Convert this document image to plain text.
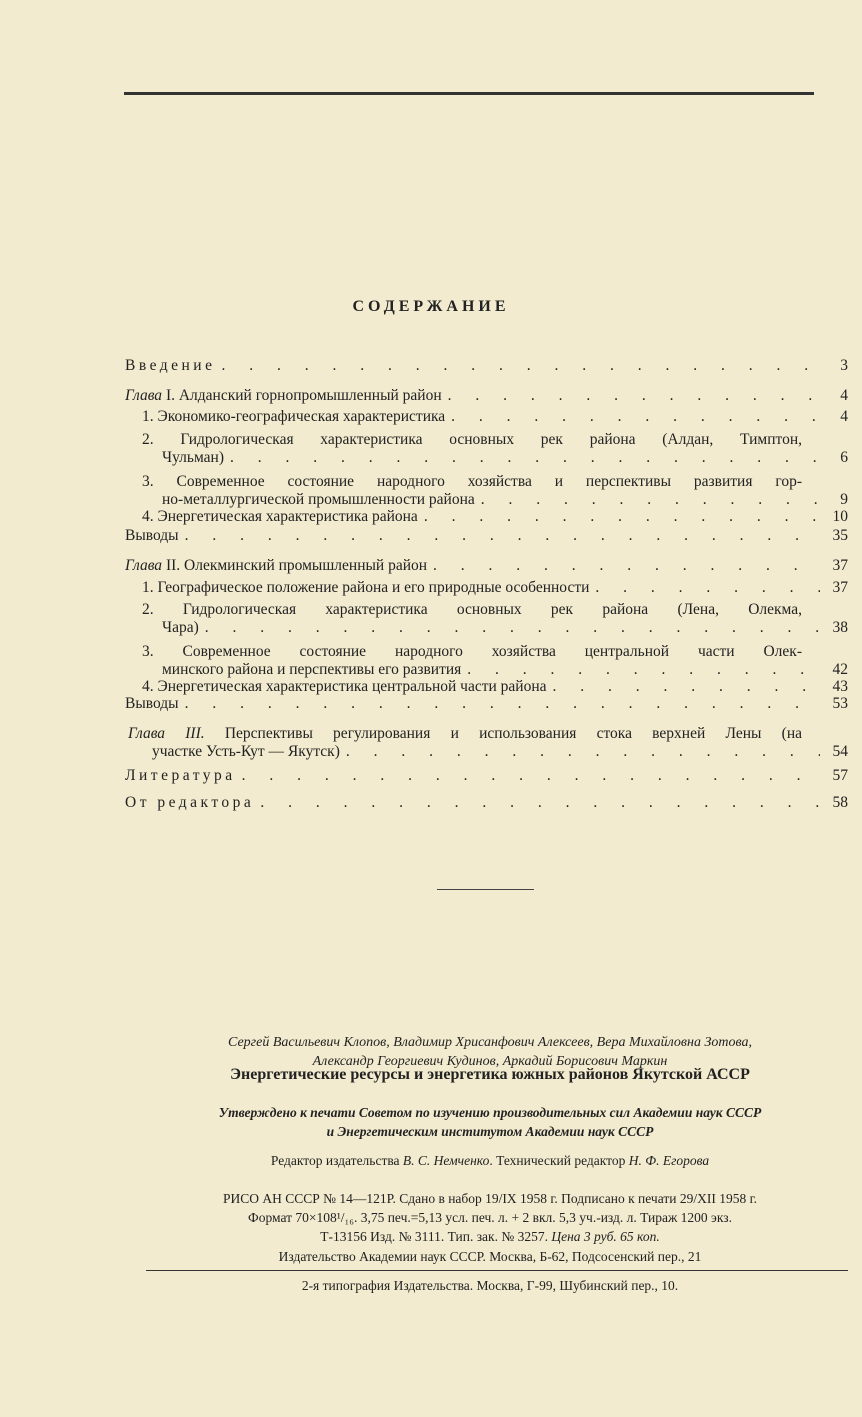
СОДЕРЖАНИЕ
Введение . . .	3
Глава I. Алданский горнопромышленный район . . .	4
1. Экономико-географическая характеристика . . .	4
2. Гидрологическая характеристика основных рек района (Алдан, Тимптон,
Чульман) . . .	6
3. Современное состояние народного хозяйства и перспективы развития гор-
но-металлургической промышленности района . . .	9
4. Энергетическая характеристика района . . .	10
Выводы . . .	35
Глава II. Олекминский промышленный район . . .	37
1. Географическое положение района и его природные особенности . . .	37
2. Гидрологическая характеристика основных рек района (Лена, Олекма,
Чара) . . .	38
3. Современное состояние народного хозяйства центральной части Олек-
минского района и перспективы его развития . . .	42
4. Энергетическая характеристика центральной части района . . .	43
Выводы . . .	53
Глава III. Перспективы регулирования и использования стока верхней Лены (на
участке Усть-Кут — Якутск) . . .	54
Литература . . .	57
От редактора . . .	58
Сергей Васильевич Клопов, Владимир Хрисанфович Алексеев, Вера Михайловна Зотова,
Александр Георгиевич Кудинов, Аркадий Борисович Маркин
Энергетические ресурсы и энергетика южных районов Якутской АССР
Утверждено к печати Советом по изучению производительных сил Академии наук СССР
и Энергетическим институтом Академии наук СССР
Редактор издательства В. С. Немченко. Технический редактор Н. Ф. Егорова
РИСО АН СССР № 14—121Р. Сдано в набор 19/IX 1958 г. Подписано к печати 29/XII 1958 г.
Формат 70×108¹/₁₆. 3,75 печ.=5,13 усл. печ. л. + 2 вкл. 5,3 уч.-изд. л. Тираж 1200 экз.
Т-13156 Изд. № 3111. Тип. зак. № 3257. Цена 3 руб. 65 коп.
Издательство Академии наук СССР. Москва, Б-62, Подсосенский пер., 21
2-я типография Издательства. Москва, Г-99, Шубинский пер., 10.
